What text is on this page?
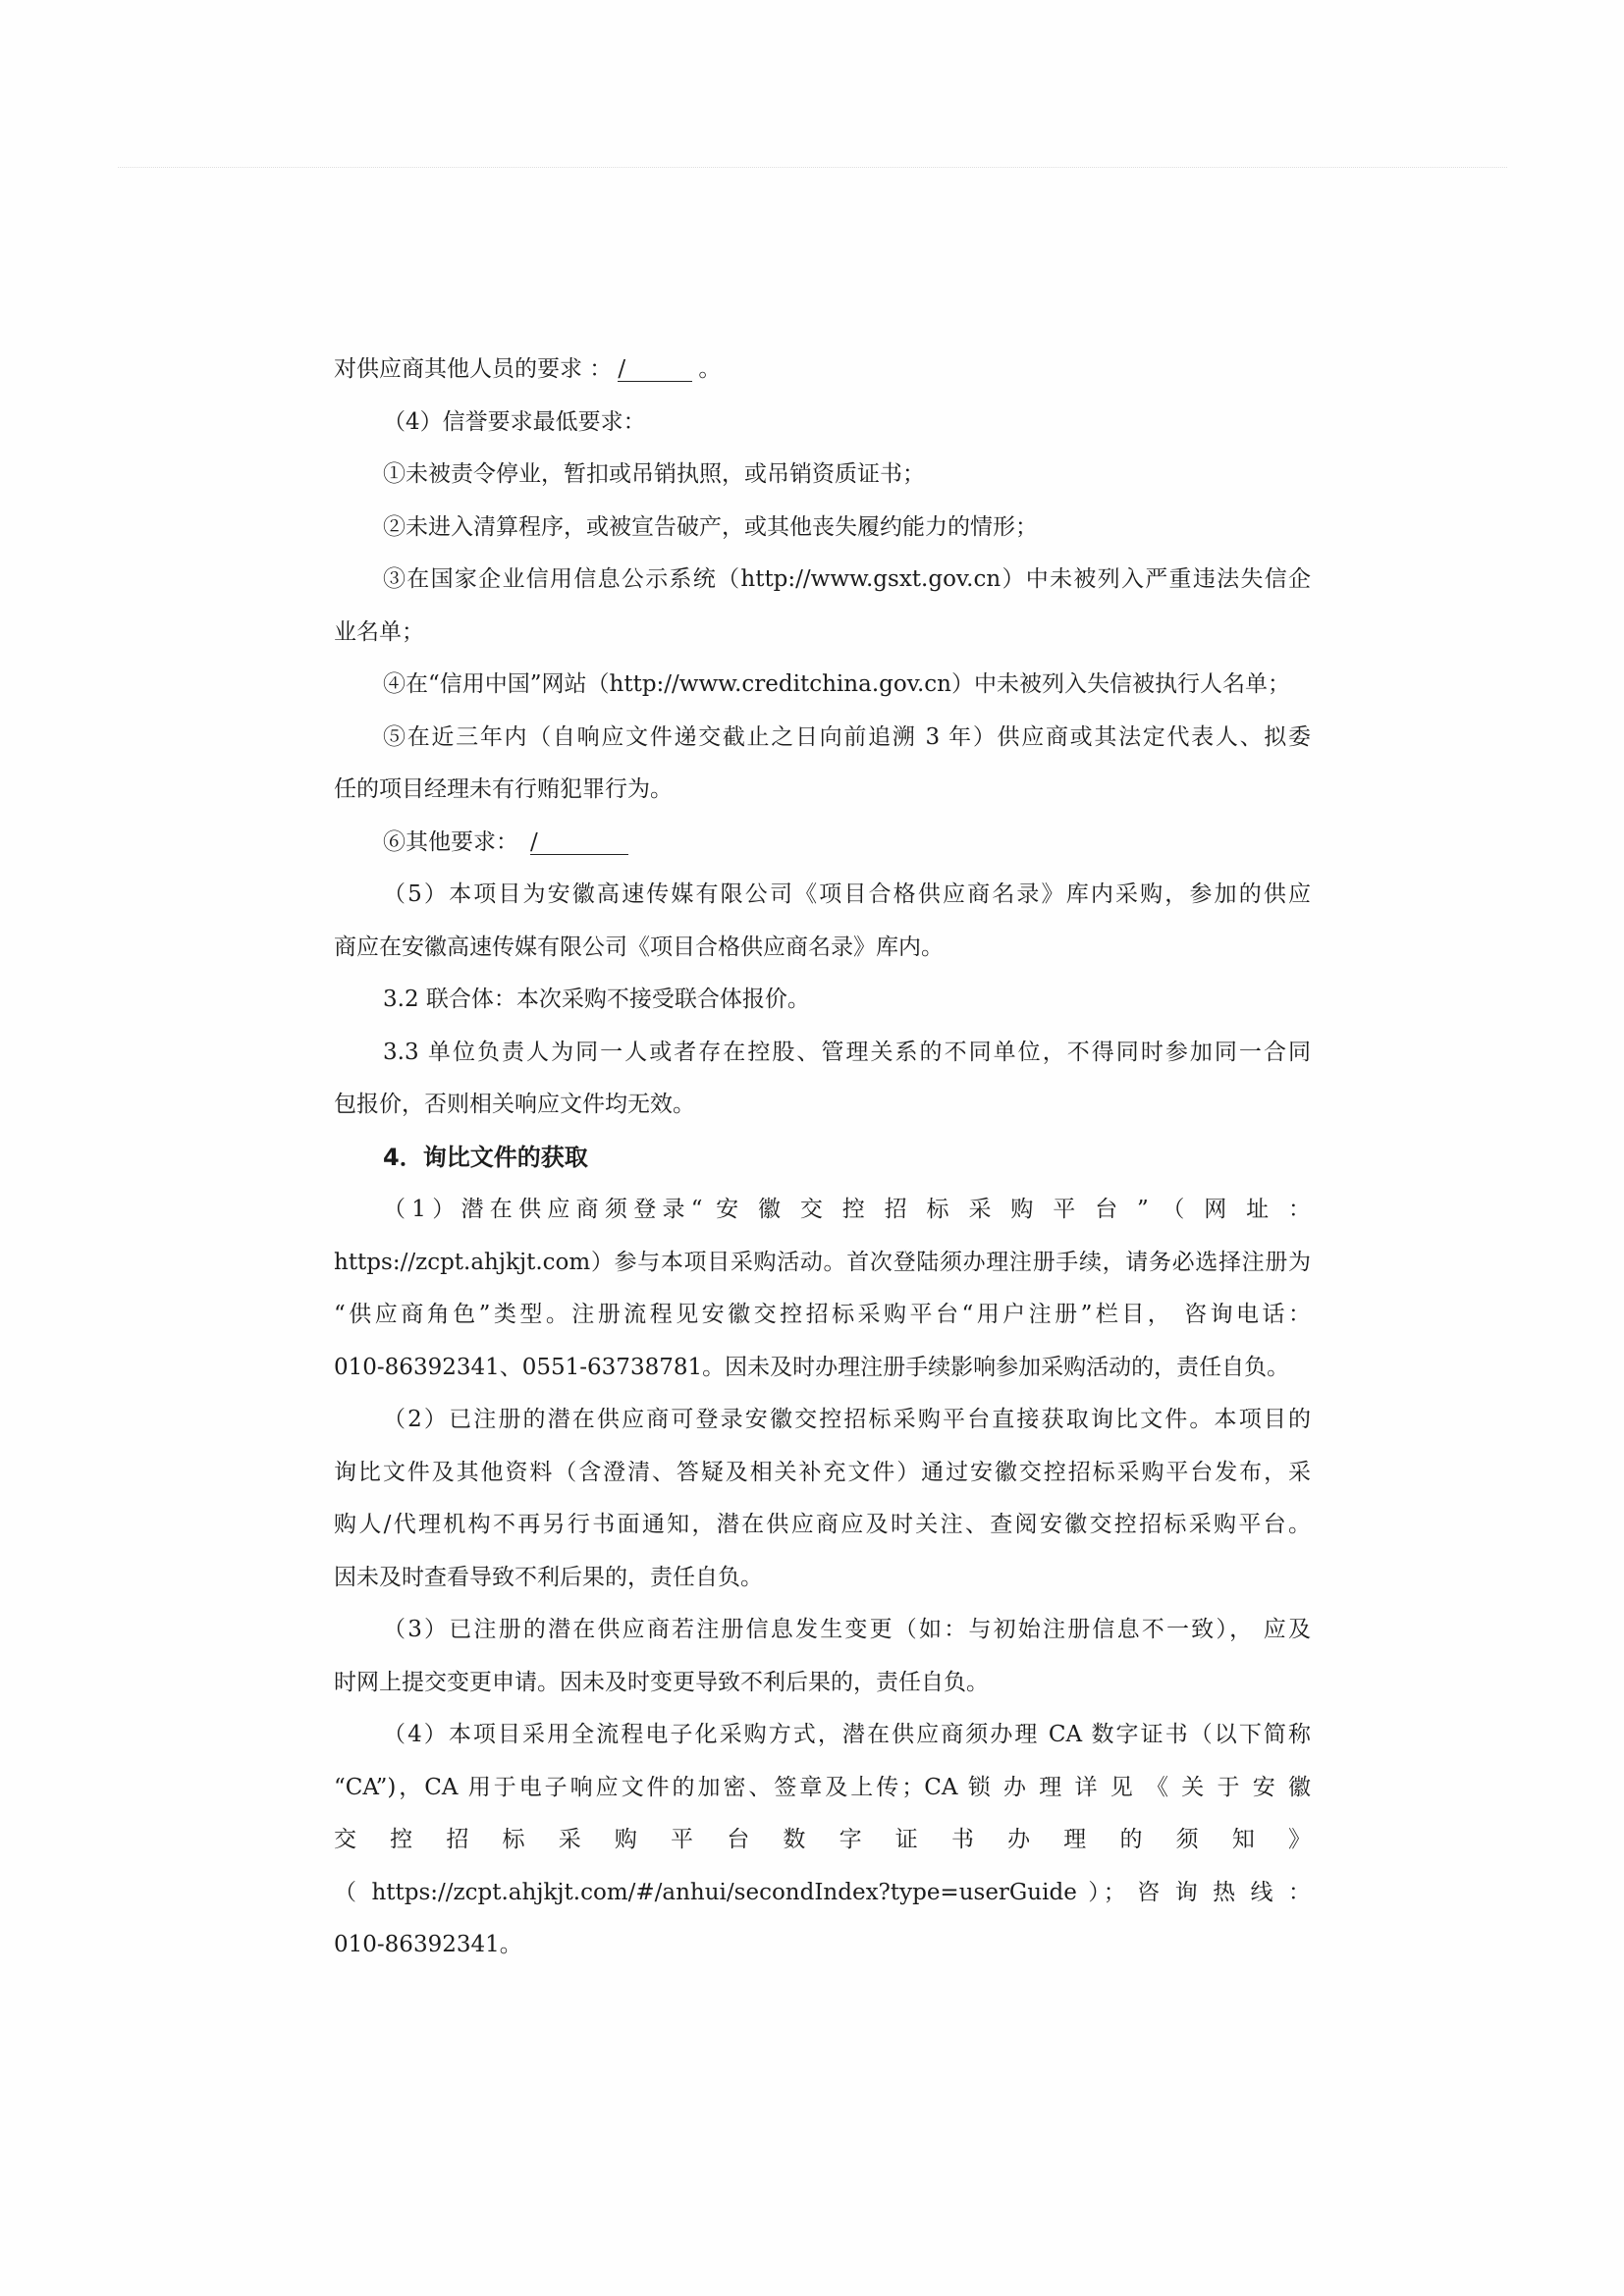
对供应商其他人员的要求 ： /	。

（4）信誉要求最低要求：

①未被责令停业，暂扣或吊销执照，或吊销资质证书；

②未进入清算程序，或被宣告破产，或其他丧失履约能力的情形；

③在国家企业信用信息公示系统（http://www.gsxt.gov.cn）中未被列入严重违法失信企

业名单；

④在“信用中国”网站（http://www.creditchina.gov.cn）中未被列入失信被执行人名单；

⑤在近三年内（自响应文件递交截止之日向前追溯 3 年）供应商或其法定代表人、拟委

任的项目经理未有行贿犯罪行为。

⑥其他要求： /

（5）本项目为安徽高速传媒有限公司《项目合格供应商名录》库内采购，参加的供应

商应在安徽高速传媒有限公司《项目合格供应商名录》库内。

3.2 联合体：本次采购不接受联合体报价。

3.3 单位负责人为同一人或者存在控股、管理关系的不同单位，不得同时参加同一合同

包报价，否则相关响应文件均无效。

4．询比文件的获取

（1）潜在供应商须登录“ 安 徽 交 控 招 标 采 购 平 台 ” （ 网 址 ：

https://zcpt.ahjkjt.com）参与本项目采购活动。首次登陆须办理注册手续，请务必选择注册为

“供应商角色”类型。注册流程见安徽交控招标采购平台“用户注册”栏目， 咨询电话：

010-86392341、0551-63738781。因未及时办理注册手续影响参加采购活动的，责任自负。

（2）已注册的潜在供应商可登录安徽交控招标采购平台直接获取询比文件。本项目的

询比文件及其他资料（含澄清、答疑及相关补充文件）通过安徽交控招标采购平台发布，采

购人/代理机构不再另行书面通知，潜在供应商应及时关注、查阅安徽交控招标采购平台。

因未及时查看导致不利后果的，责任自负。

（3）已注册的潜在供应商若注册信息发生变更（如：与初始注册信息不一致）， 应及

时网上提交变更申请。因未及时变更导致不利后果的，责任自负。

（4）本项目采用全流程电子化采购方式，潜在供应商须办理 CA 数字证书（以下简称

“CA”)，CA 用于电子响应文件的加密、签章及上传；CA 锁 办 理 详 见 《 关 于 安 徽

交 控 招 标 采 购 平 台 数 字 证 书 办 理 的 须 知 》

（ https://zcpt.ahjkjt.com/#/anhui/secondIndex?type=userGuide ）； 咨 询 热 线 ：

010-86392341。
